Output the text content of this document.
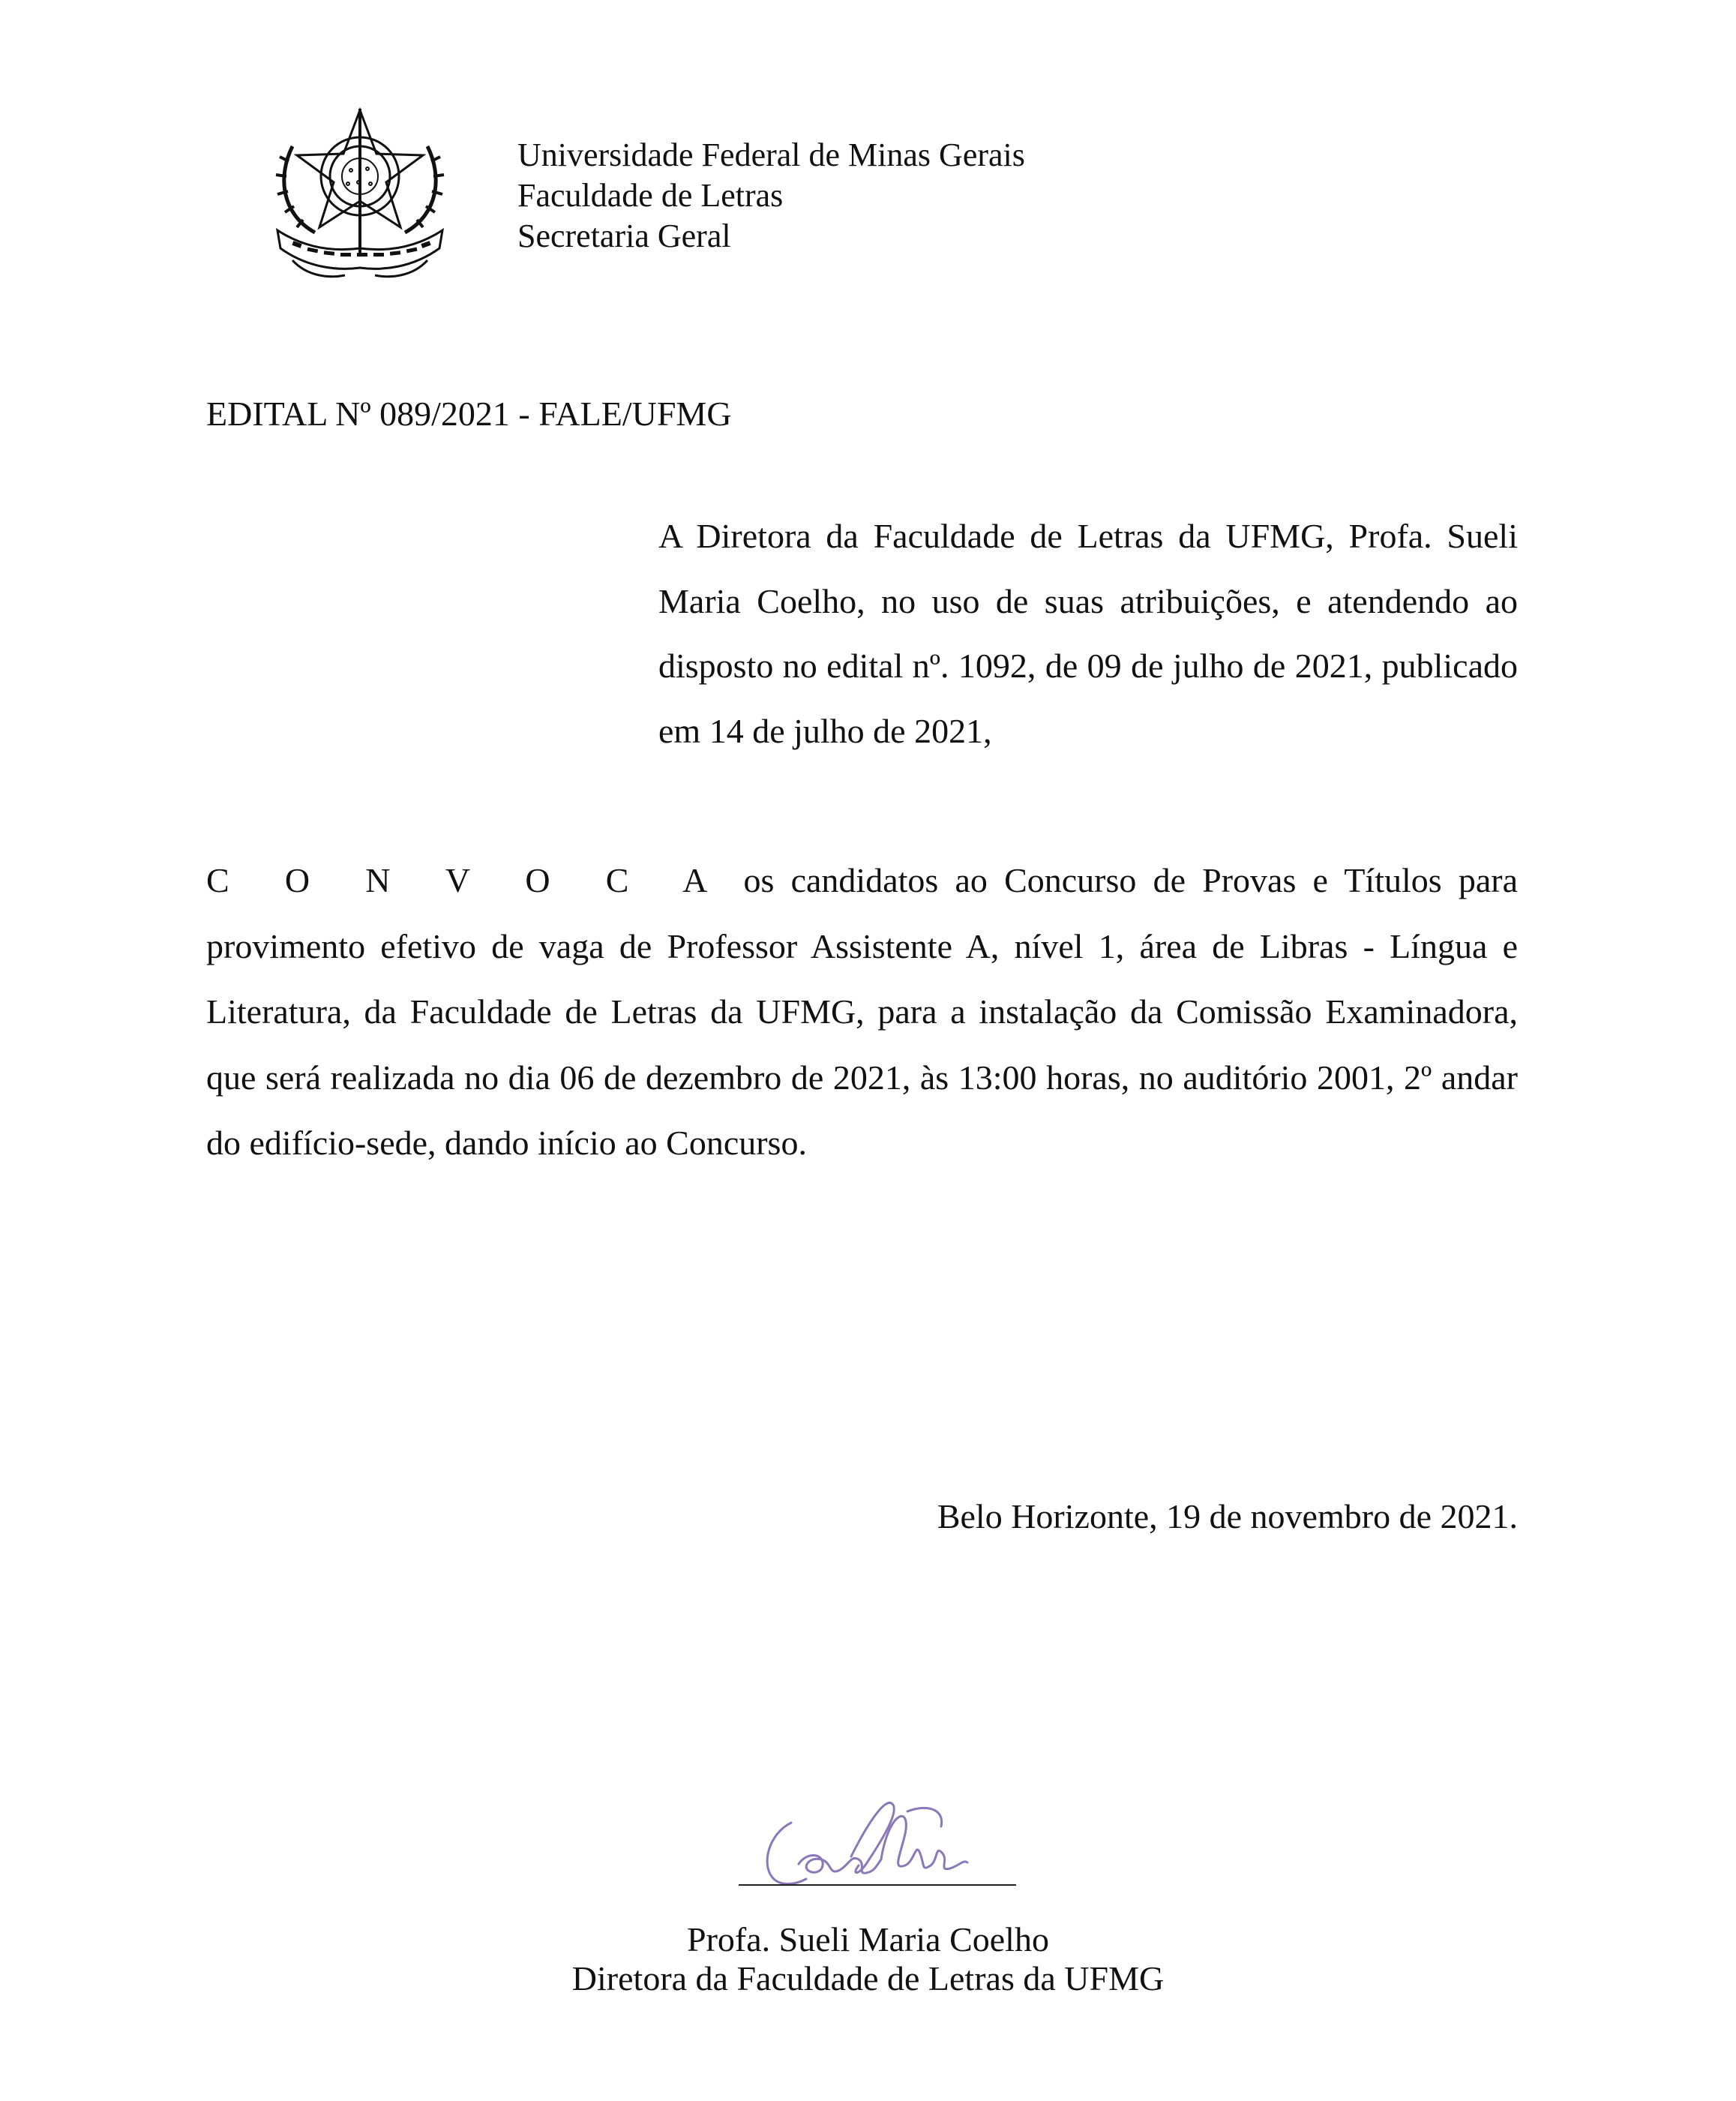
Universidade Federal de Minas Gerais
Faculdade de Letras
Secretaria Geral
EDITAL Nº 089/2021 - FALE/UFMG
A Diretora da Faculdade de Letras da UFMG, Profa. Sueli Maria Coelho, no uso de suas atribuições, e atendendo ao disposto no edital nº. 1092, de 09 de julho de 2021, publicado em 14 de julho de 2021,
C O N V O C A os candidatos ao Concurso de Provas e Títulos para provimento efetivo de vaga de Professor Assistente A, nível 1, área de Libras - Língua e Literatura, da Faculdade de Letras da UFMG, para a instalação da Comissão Examinadora, que será realizada no dia 06 de dezembro de 2021, às 13:00 horas, no auditório 2001, 2º andar do edifício-sede, dando início ao Concurso.
Belo Horizonte, 19 de novembro de 2021.
Profa. Sueli Maria Coelho
Diretora da Faculdade de Letras da UFMG
